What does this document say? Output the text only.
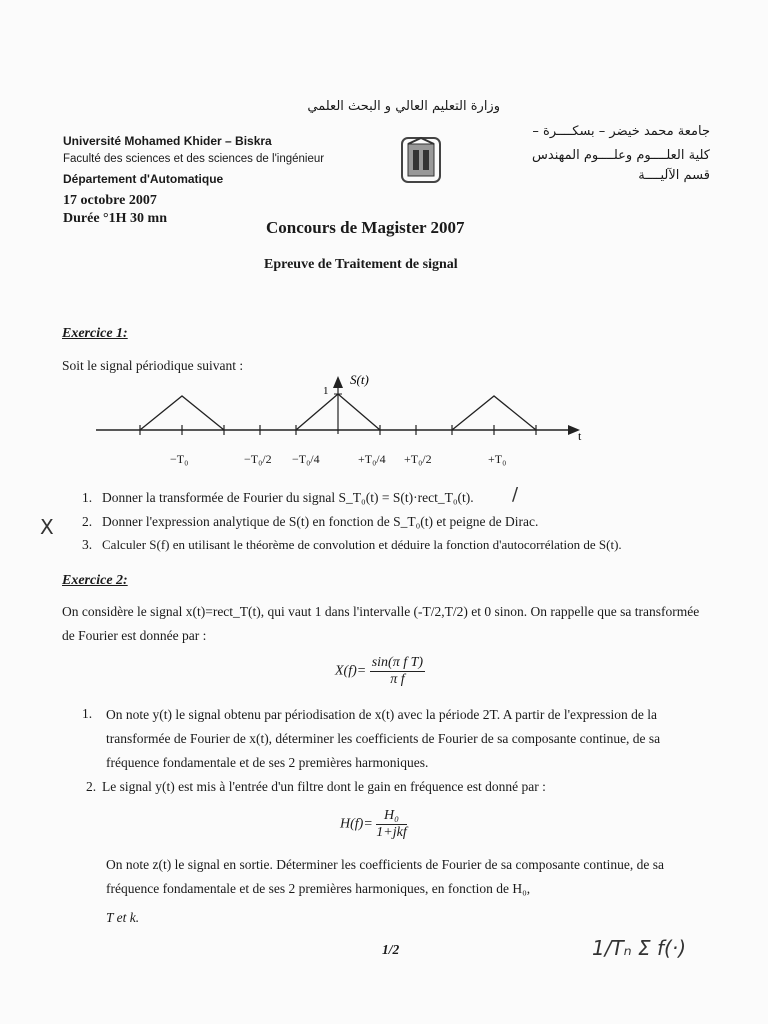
وزارة التعليم العالي و البحث العلمي
Université Mohamed Khider – Biskra
Faculté des sciences et des sciences de l'ingénieur
Département d'Automatique
جامعة محمد خيضر – بسكــــرة –
كلية العلــــوم وعلــــوم المهندس
قسم الآليــــة
17 octobre 2007
Durée °1H 30 mn	Concours de Magister 2007
Epreuve de Traitement de signal
Exercice 1:
Soit le signal périodique suivant :
S(t)
1
t
−T₀	−T₀/2 −T₀/4	+T₀/4 +T₀/2	+T₀
1. Donner la transformée de Fourier du signal S_T₀(t) = S(t)·rect_T₀(t). /
X 2. Donner l'expression analytique de S(t) en fonction de S_T₀(t) et peigne de Dirac.
3. Calculer S(f) en utilisant le théorème de convolution et déduire la fonction d'autocorrélation de S(t).
Exercice 2:
On considère le signal x(t)=rect_T(t), qui vaut 1 dans l'intervalle (-T/2,T/2) et 0 sinon. On rappelle que sa transformée de Fourier est donnée par :
$X(f)= \frac{\text{sin(π f T)}}{\text{π f}}$
1. On note y(t) le signal obtenu par périodisation de x(t) avec la période 2T. A partir de l'expression de la transformée de Fourier de x(t), déterminer les coefficients de Fourier de sa composante continue, de sa fréquence fondamentale et de ses 2 premières harmoniques.
2. Le signal y(t) est mis à l'entrée d'un filtre dont le gain en fréquence est donné par :
H(f)=
H₀
1+jkf
On note z(t) le signal en sortie. Déterminer les coefficients de Fourier de sa composante continue, de sa fréquence fondamentale et de ses 2 premières harmoniques, en fonction de H₀,
T et k.
1/2	1/Tₙ Σ f(·)
